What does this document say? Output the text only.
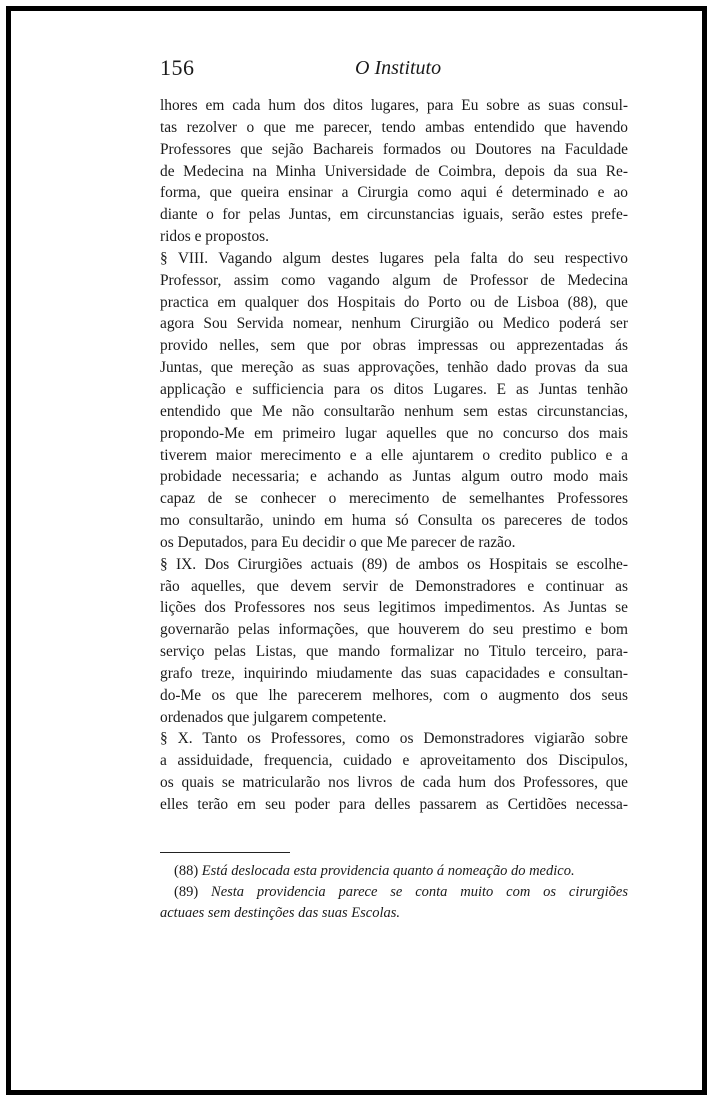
156	O Instituto
lhores em cada hum dos ditos lugares, para Eu sobre as suas consul-
tas rezolver o que me parecer, tendo ambas entendido que havendo
Professores que sejão Bachareis formados ou Doutores na Faculdade
de Medecina na Minha Universidade de Coimbra, depois da sua Re-
forma, que queira ensinar a Cirurgia como aqui é determinado e ao
diante o for pelas Juntas, em circunstancias iguais, serão estes prefe-
ridos e propostos.
§ VIII. Vagando algum destes lugares pela falta do seu respectivo
Professor, assim como vagando algum de Professor de Medecina
practica em qualquer dos Hospitais do Porto ou de Lisboa (88), que
agora Sou Servida nomear, nenhum Cirurgião ou Medico poderá ser
provido nelles, sem que por obras impressas ou apprezentadas ás
Juntas, que mereção as suas approvações, tenhão dado provas da sua
applicação e sufficiencia para os ditos Lugares. E as Juntas tenhão
entendido que Me não consultarão nenhum sem estas circunstancias,
propondo-Me em primeiro lugar aquelles que no concurso dos mais
tiverem maior merecimento e a elle ajuntarem o credito publico e a
probidade necessaria; e achando as Juntas algum outro modo mais
capaz de se conhecer o merecimento de semelhantes Professores
mo consultarão, unindo em huma só Consulta os pareceres de todos
os Deputados, para Eu decidir o que Me parecer de razão.
§ IX. Dos Cirurgiões actuais (89) de ambos os Hospitais se escolhe-
rão aquelles, que devem servir de Demonstradores e continuar as
lições dos Professores nos seus legitimos impedimentos. As Juntas se
governarão pelas informações, que houverem do seu prestimo e bom
serviço pelas Listas, que mando formalizar no Titulo terceiro, para-
grafo treze, inquirindo miudamente das suas capacidades e consultan-
do-Me os que lhe parecerem melhores, com o augmento dos seus
ordenados que julgarem competente.
§ X. Tanto os Professores, como os Demonstradores vigiarão sobre
a assiduidade, frequencia, cuidado e aproveitamento dos Discipulos,
os quais se matricularão nos livros de cada hum dos Professores, que
elles terão em seu poder para delles passarem as Certidões necessa-
(88) Está deslocada esta providencia quanto á nomeação do medico.
(89) Nesta providencia parece se conta muito com os cirurgiões
actuaes sem destinções das suas Escolas.
